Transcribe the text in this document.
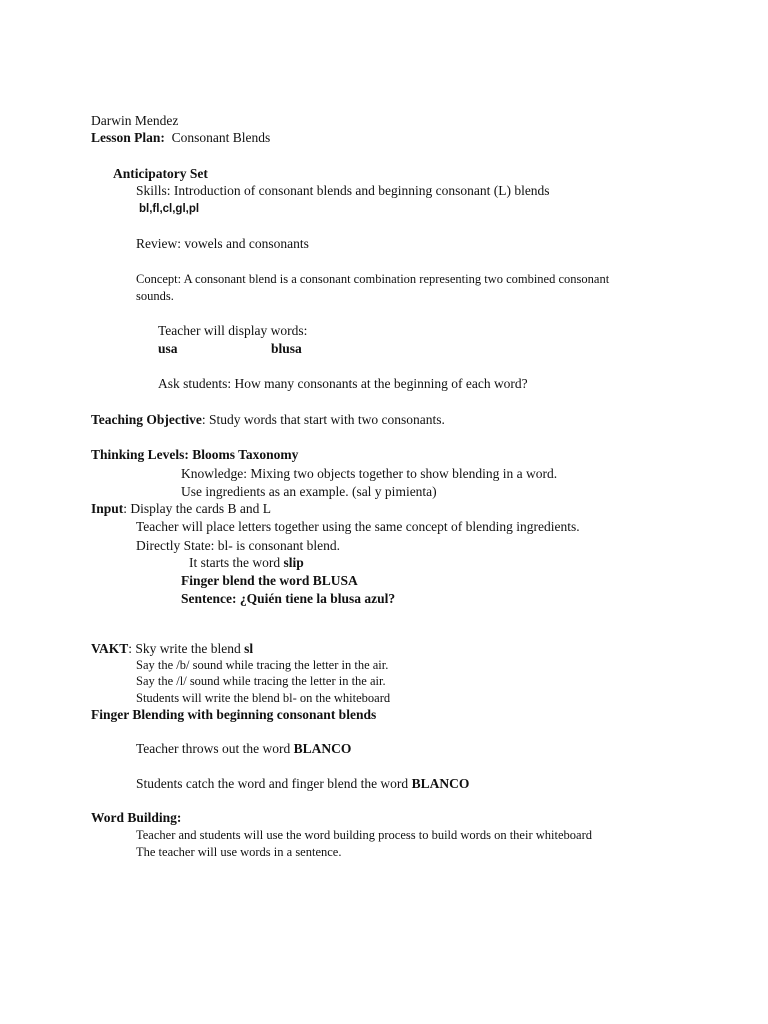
Darwin Mendez
Lesson Plan: Consonant Blends
Anticipatory Set
Skills: Introduction of consonant blends and beginning consonant (L) blends
bl,fl,cl,gl,pl
Review: vowels and consonants
Concept: A consonant blend is a consonant combination representing two combined consonant
sounds.
Teacher will display words:
usa	blusa
Ask students: How many consonants at the beginning of each word?
Teaching Objective: Study words that start with two consonants.
Thinking Levels: Blooms Taxonomy
Knowledge: Mixing two objects together to show blending in a word.
Use ingredients as an example. (sal y pimienta)
Input: Display the cards B and L
Teacher will place letters together using the same concept of blending ingredients.
Directly State: bl- is consonant blend.
It starts the word slip
Finger blend the word BLUSA
Sentence: ¿Quién tiene la blusa azul?
VAKT: Sky write the blend sl
Say the /b/ sound while tracing the letter in the air.
Say the /l/ sound while tracing the letter in the air.
Students will write the blend bl- on the whiteboard
Finger Blending with beginning consonant blends
Teacher throws out the word BLANCO
Students catch the word and finger blend the word BLANCO
Word Building:
Teacher and students will use the word building process to build words on their whiteboard
The teacher will use words in a sentence.
